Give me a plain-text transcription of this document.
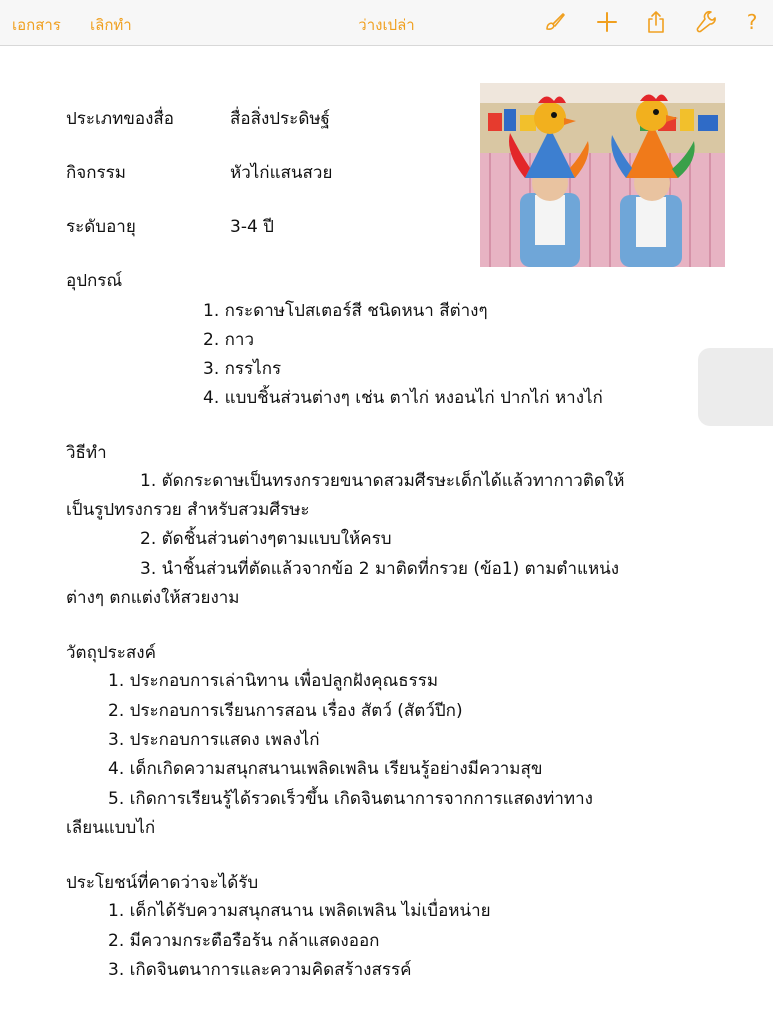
เอกสาร เลิกทำ	ว่างเปล่า	?
ประเภทของสื่อ	สื่อสิ่งประดิษฐ์
กิจกรรม	หัวไก่แสนสวย
ระดับอายุ	3-4 ปี
อุปกรณ์
1. กระดาษโปสเตอร์สี ชนิดหนา สีต่างๆ
2. กาว
3. กรรไกร
4. แบบชิ้นส่วนต่างๆ เช่น ตาไก่ หงอนไก่ ปากไก่ หางไก่
วิธีทำ
1. ตัดกระดาษเป็นทรงกรวยขนาดสวมศีรษะเด็กได้แล้วทากาวติดให้
เป็นรูปทรงกรวย สำหรับสวมศีรษะ
2. ตัดชิ้นส่วนต่างๆตามแบบให้ครบ
3. นำชิ้นส่วนที่ตัดแล้วจากข้อ 2 มาติดที่กรวย (ข้อ1) ตามตำแหน่ง
ต่างๆ ตกแต่งให้สวยงาม
วัตถุประสงค์
1. ประกอบการเล่านิทาน เพื่อปลูกฝังคุณธรรม
2. ประกอบการเรียนการสอน เรื่อง สัตว์ (สัตว์ปีก)
3. ประกอบการแสดง เพลงไก่
4. เด็กเกิดความสนุกสนานเพลิดเพลิน เรียนรู้อย่างมีความสุข
5. เกิดการเรียนรู้ได้รวดเร็วขึ้น เกิดจินตนาการจากการแสดงท่าทาง
เลียนแบบไก่
ประโยชน์ที่คาดว่าจะได้รับ
1. เด็กได้รับความสนุกสนาน เพลิดเพลิน ไม่เบื่อหน่าย
2. มีความกระตือรือร้น กล้าแสดงออก
3. เกิดจินตนาการและความคิดสร้างสรรค์
